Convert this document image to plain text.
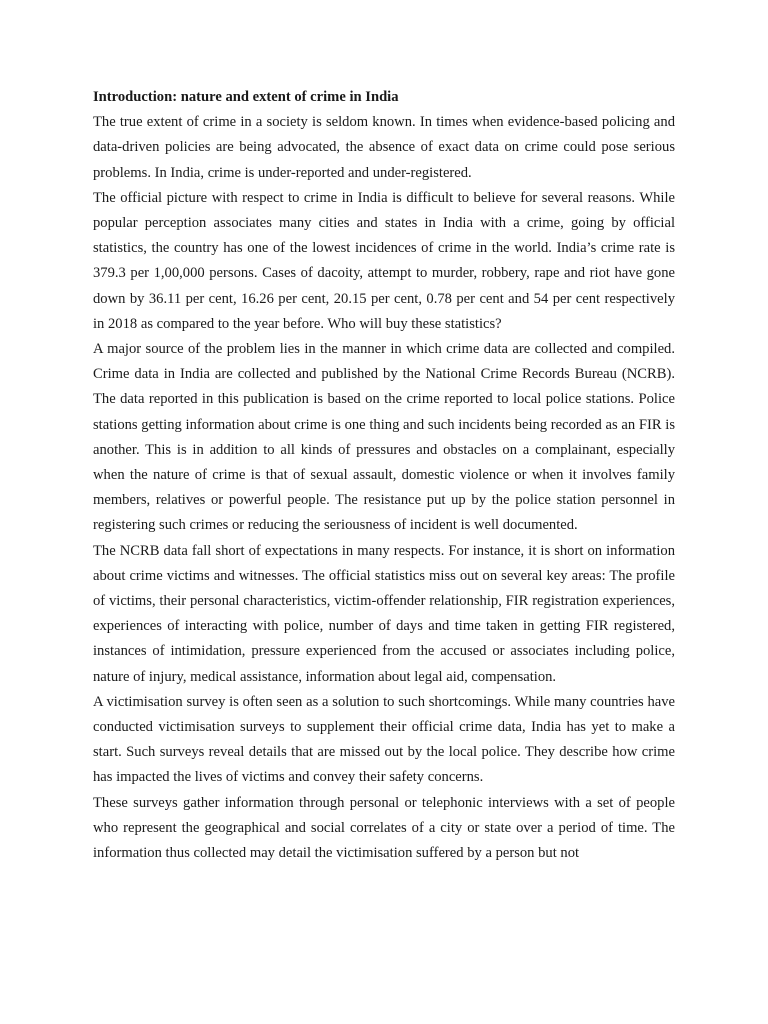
Introduction: nature and extent of crime in India

The true extent of crime in a society is seldom known. In times when evidence-based policing and data-driven policies are being advocated, the absence of exact data on crime could pose serious problems. In India, crime is under-reported and under-registered.

The official picture with respect to crime in India is difficult to believe for several reasons. While popular perception associates many cities and states in India with a crime, going by official statistics, the country has one of the lowest incidences of crime in the world. India’s crime rate is 379.3 per 1,00,000 persons. Cases of dacoity, attempt to murder, robbery, rape and riot have gone down by 36.11 per cent, 16.26 per cent, 20.15 per cent, 0.78 per cent and 54 per cent respectively in 2018 as compared to the year before. Who will buy these statistics?

A major source of the problem lies in the manner in which crime data are collected and compiled. Crime data in India are collected and published by the National Crime Records Bureau (NCRB). The data reported in this publication is based on the crime reported to local police stations. Police stations getting information about crime is one thing and such incidents being recorded as an FIR is another. This is in addition to all kinds of pressures and obstacles on a complainant, especially when the nature of crime is that of sexual assault, domestic violence or when it involves family members, relatives or powerful people. The resistance put up by the police station personnel in registering such crimes or reducing the seriousness of incident is well documented.

The NCRB data fall short of expectations in many respects. For instance, it is short on information about crime victims and witnesses. The official statistics miss out on several key areas: The profile of victims, their personal characteristics, victim-offender relationship, FIR registration experiences, experiences of interacting with police, number of days and time taken in getting FIR registered, instances of intimidation, pressure experienced from the accused or associates including police, nature of injury, medical assistance, information about legal aid, compensation.

A victimisation survey is often seen as a solution to such shortcomings. While many countries have conducted victimisation surveys to supplement their official crime data, India has yet to make a start. Such surveys reveal details that are missed out by the local police. They describe how crime has impacted the lives of victims and convey their safety concerns.

These surveys gather information through personal or telephonic interviews with a set of people who represent the geographical and social correlates of a city or state over a period of time. The information thus collected may detail the victimisation suffered by a person but not
